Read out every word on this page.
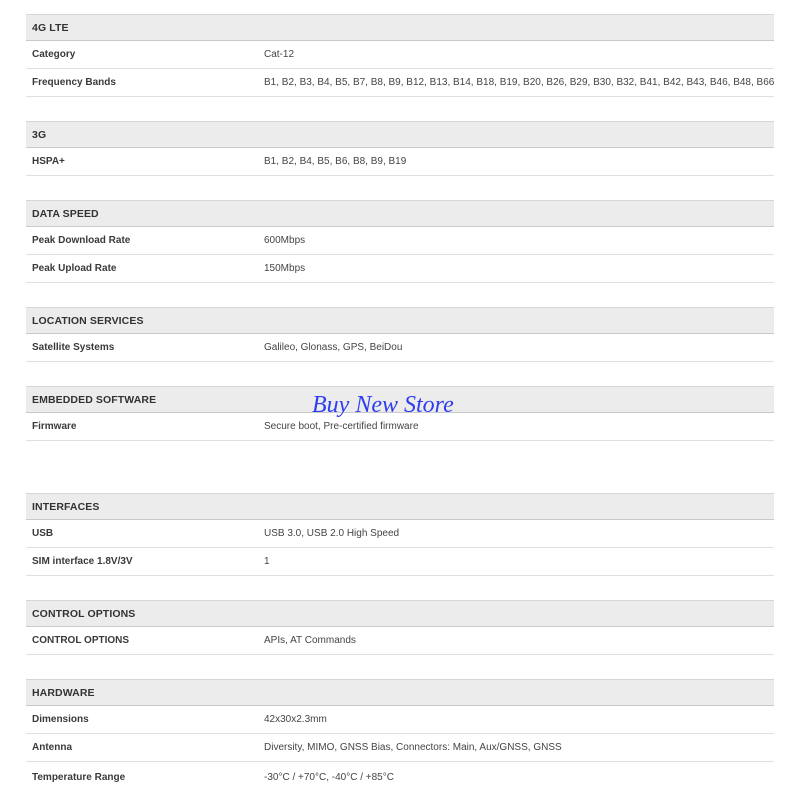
4G LTE
Category	Cat-12
Frequency Bands	B1, B2, B3, B4, B5, B7, B8, B9, B12, B13, B14, B18, B19, B20, B26, B29, B30, B32, B41, B42, B43, B46, B48, B66
3G
HSPA+	B1, B2, B4, B5, B6, B8, B9, B19
DATA SPEED
Peak Download Rate	600Mbps
Peak Upload Rate	150Mbps
LOCATION SERVICES
Satellite Systems	Galileo, Glonass, GPS, BeiDou
EMBEDDED SOFTWARE
Firmware	Secure boot, Pre-certified firmware
INTERFACES
USB	USB 3.0, USB 2.0 High Speed
SIM interface 1.8V/3V	1
CONTROL OPTIONS
CONTROL OPTIONS	APIs, AT Commands
HARDWARE
Dimensions	42x30x2.3mm
Antenna	Diversity, MIMO, GNSS Bias, Connectors: Main, Aux/GNSS, GNSS
Temperature Range	-30°C / +70°C, -40°C / +85°C
Buy New Store
